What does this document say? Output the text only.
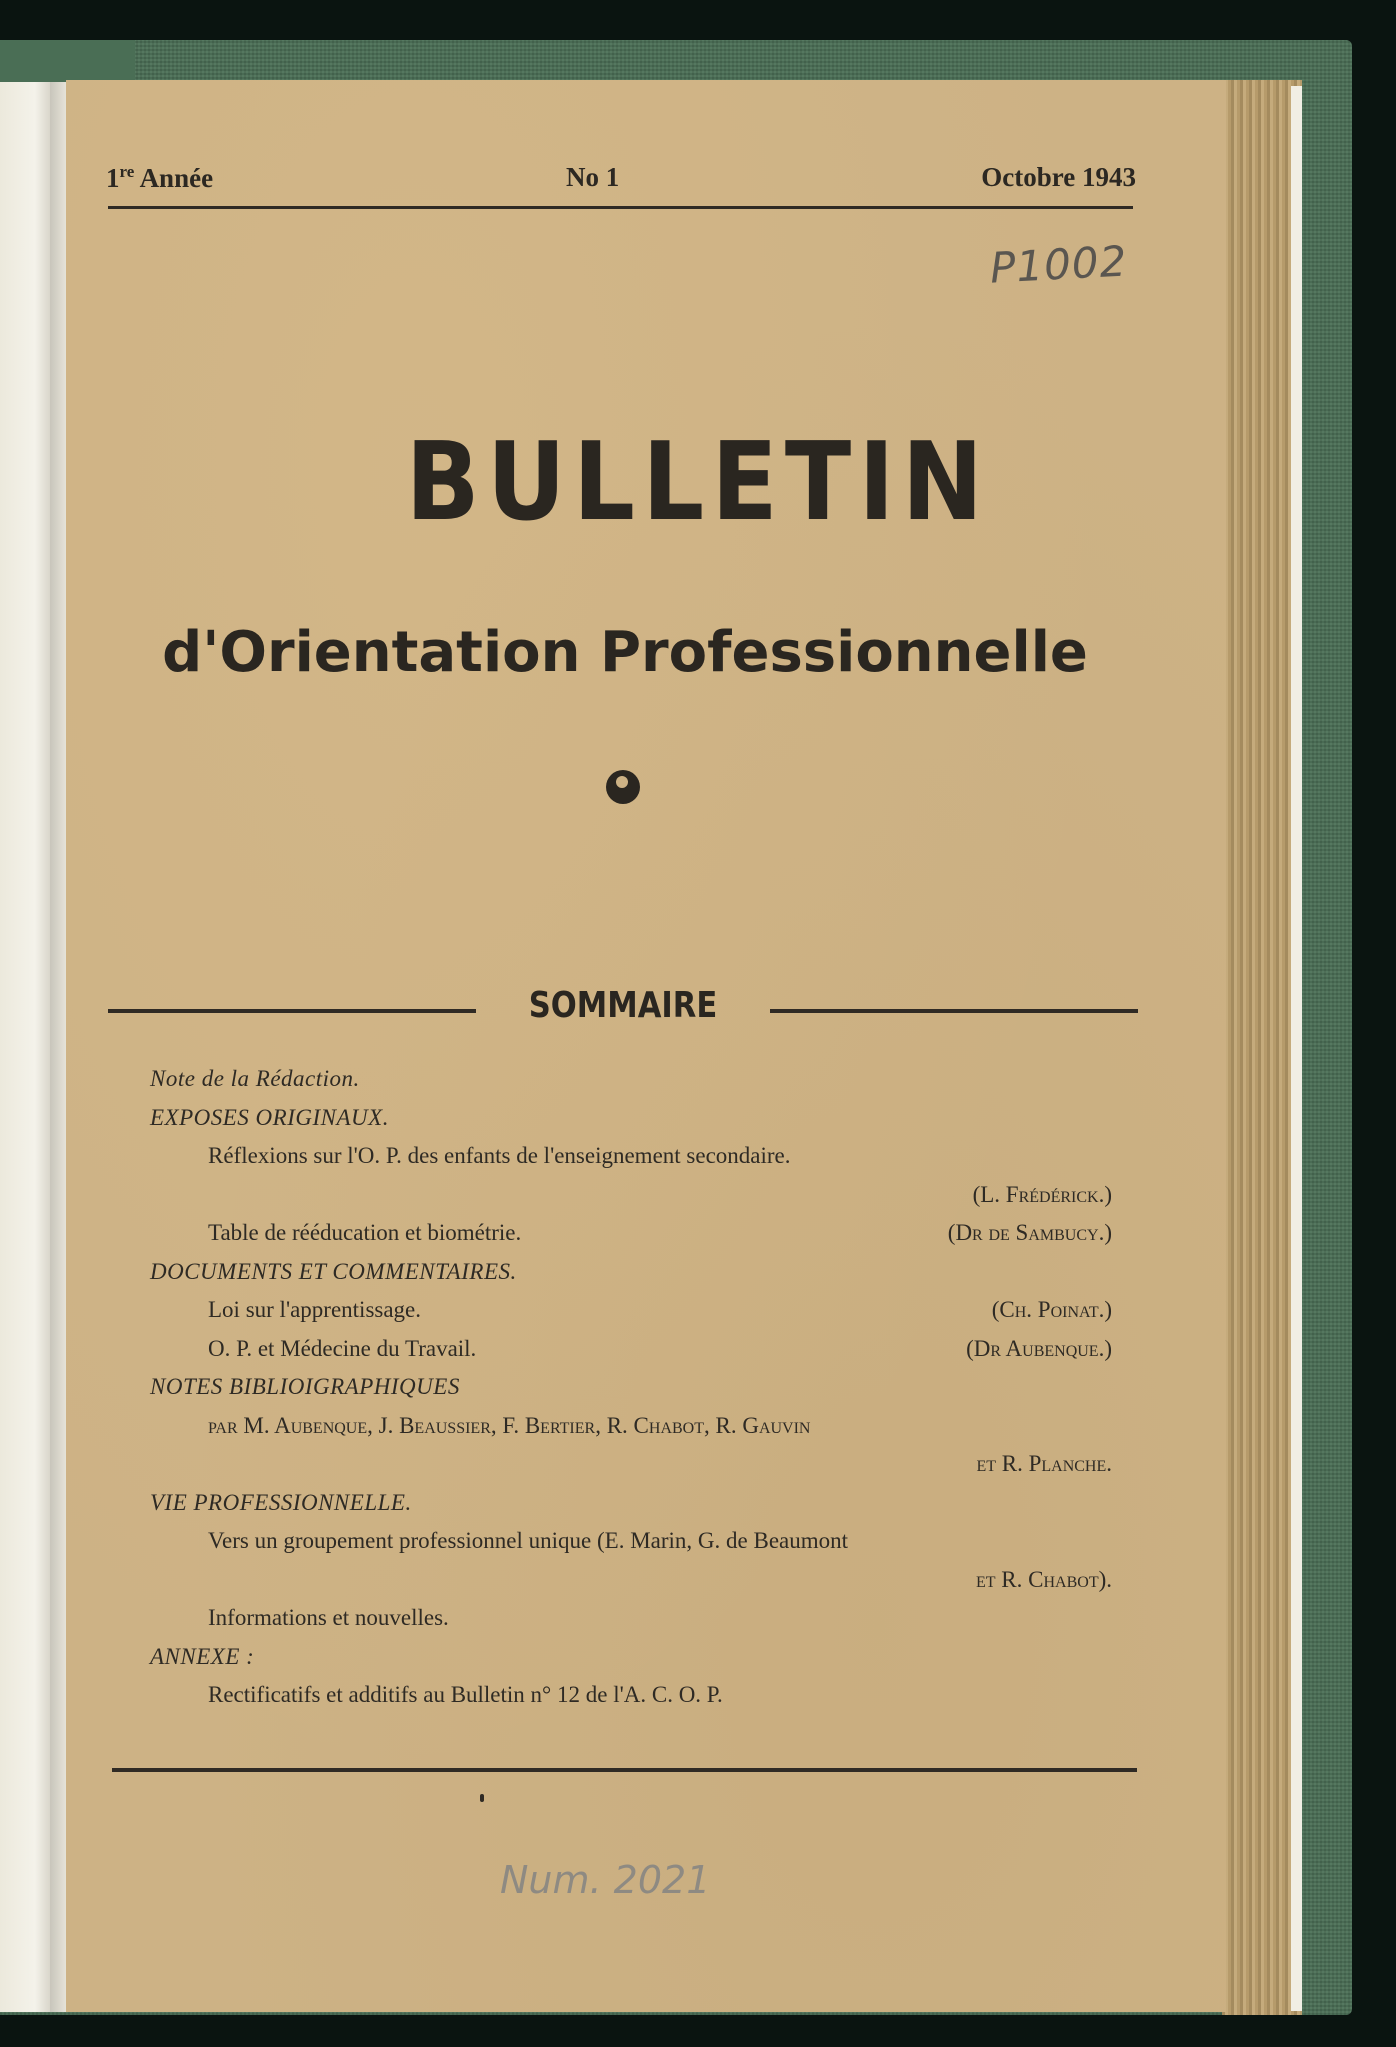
1re Année	No 1	Octobre 1943
P1002
BULLETIN
d'Orientation Professionnelle
SOMMAIRE
Note de la Rédaction.
EXPOSES ORIGINAUX.
Réflexions sur l'O. P. des enfants de l'enseignement secondaire.
(L. Frédérick.)
Table de rééducation et biométrie.	(Dr de Sambucy.)
DOCUMENTS ET COMMENTAIRES.
Loi sur l'apprentissage.	(Ch. Poinat.)
O. P. et Médecine du Travail.	(Dr Aubenque.)
NOTES BIBLIOIGRAPHIQUES
par M. Aubenque, J. Beaussier, F. Bertier, R. Chabot, R. Gauvin
et R. Planche.
VIE PROFESSIONNELLE.
Vers un groupement professionnel unique (E. Marin, G. de Beaumont
et R. Chabot).
Informations et nouvelles.
ANNEXE :
Rectificatifs et additifs au Bulletin n° 12 de l'A. C. O. P.
Num. 2021
